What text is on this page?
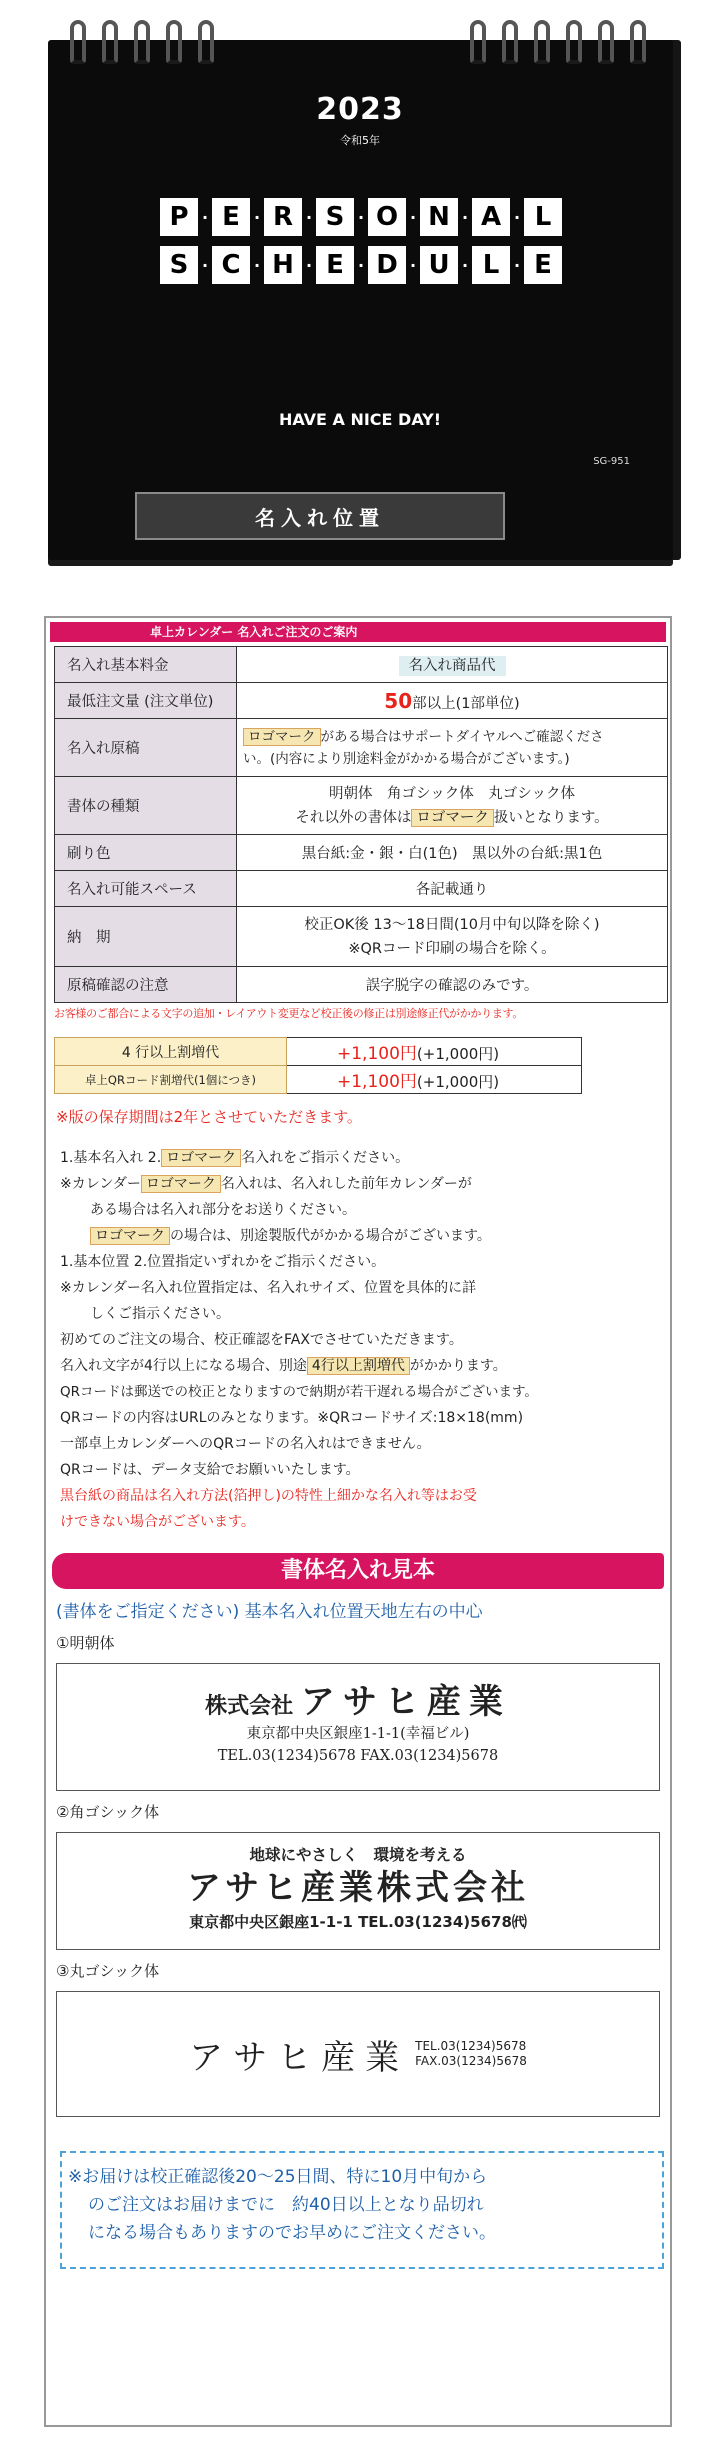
2023
令和5年
P · E · R · S · O · N · A · L
S · C · H · E · D · U · L · E
HAVE A NICE DAY!
SG-951
名入れ位置
卓上カレンダー 名入れご注文のご案内
名入れ基本料金	名入れ商品代
最低注文量 (注文単位)	50部以上(1部単位)
名入れ原稿	ロゴマーク がある場合はサポートダイヤルへご確認くださ
い。(内容により別途料金がかかる場合がございます。)
書体の種類	明朝体　角ゴシック体　丸ゴシック体
それ以外の書体は ロゴマーク 扱いとなります。
刷り色	黒台紙:金・銀・白(1色)　黒以外の台紙:黒1色
名入れ可能スペース	各記載通り
納　期	校正OK後 13〜18日間(10月中旬以降を除く)
※QRコード印刷の場合を除く。
原稿確認の注意	誤字脱字の確認のみです。
お客様のご都合による文字の追加・レイアウト変更など校正後の修正は別途修正代がかかります。
4 行以上割増代	+1,100円(+1,000円)
卓上QRコード割増代(1個につき)	+1,100円(+1,000円)
※版の保存期間は2年とさせていただきます。

1.基本名入れ 2. ロゴマーク 名入れをご指示ください。

※カレンダー ロゴマーク 名入れは、名入れした前年カレンダーが

ある場合は名入れ部分をお送りください。

ロゴマーク の場合は、別途製版代がかかる場合がございます。

1.基本位置 2.位置指定いずれかをご指示ください。

※カレンダー名入れ位置指定は、名入れサイズ、位置を具体的に詳

しくご指示ください。

初めてのご注文の場合、校正確認をFAXでさせていただきます。

名入れ文字が4行以上になる場合、別途 4行以上割増代 がかかります。

QRコードは郵送での校正となりますので納期が若干遅れる場合がございます。

QRコードの内容はURLのみとなります。※QRコードサイズ:18×18(mm)

一部卓上カレンダーへのQRコードの名入れはできません。

QRコードは、データ支給でお願いいたします。

黒台紙の商品は名入れ方法(箔押し)の特性上細かな名入れ等はお受

けできない場合がございます。

書体名入れ見本
(書体をご指定ください) 基本名入れ位置天地左右の中心
①明朝体
株式会社 アサヒ産業
東京都中央区銀座1-1-1(幸福ビル)
TEL.03(1234)5678 FAX.03(1234)5678
②角ゴシック体
地球にやさしく　環境を考える
アサヒ産業株式会社
東京都中央区銀座1-1-1 TEL.03(1234)5678㈹
③丸ゴシック体
アサヒ産業 TEL.03(1234)5678
FAX.03(1234)5678

※お届けは校正確認後20〜25日間、特に10月中旬から

のご注文はお届けまでに　約40日以上となり品切れ

になる場合もありますのでお早めにご注文ください。
